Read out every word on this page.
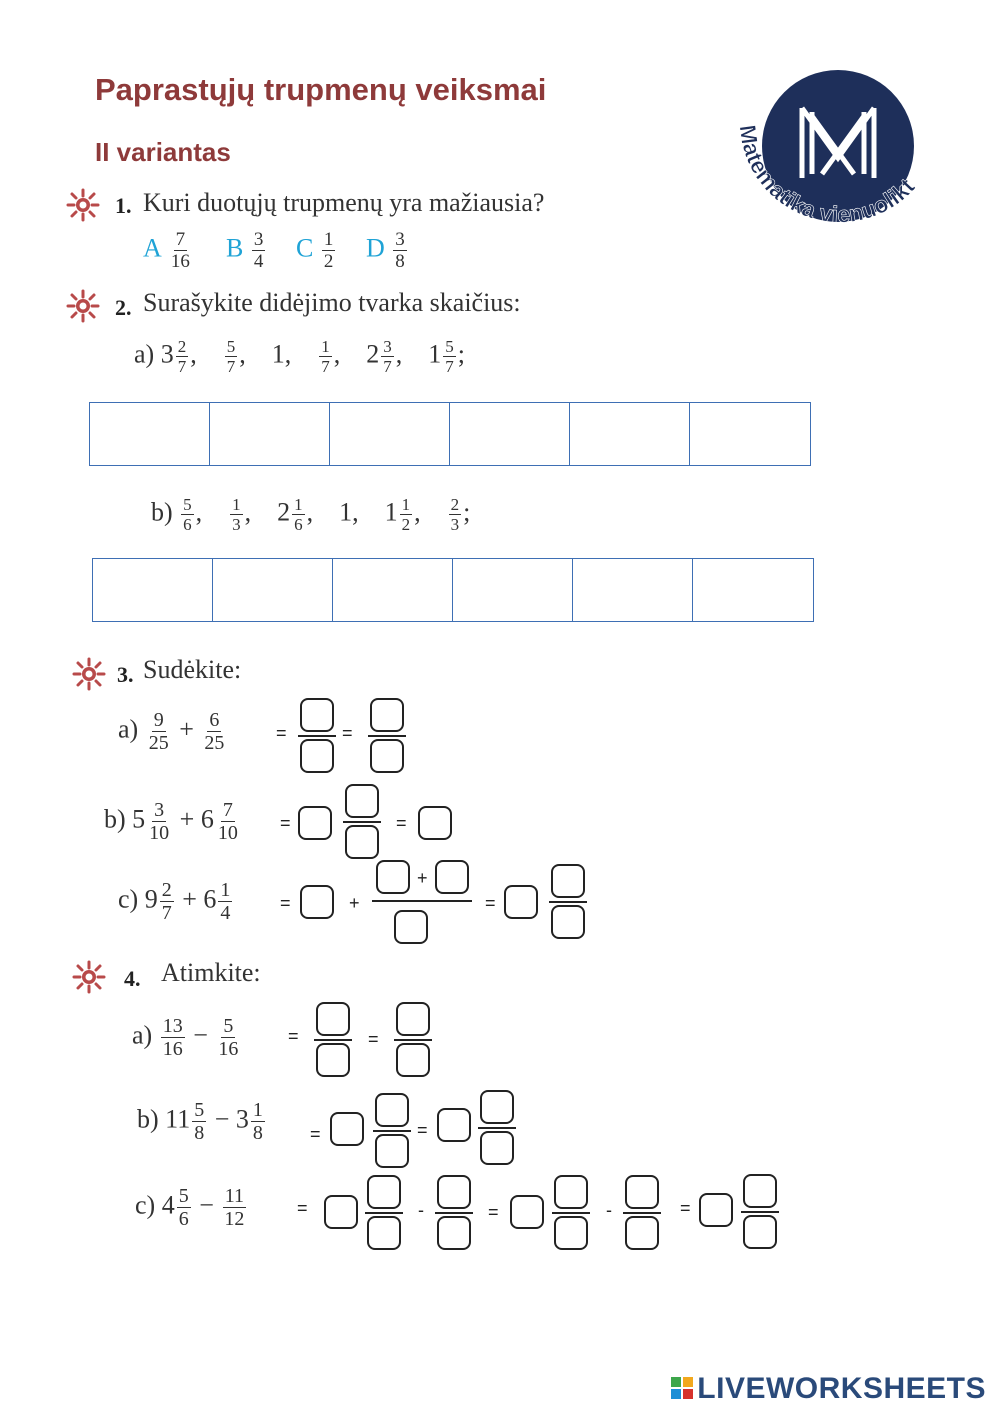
Paprastųjų trupmenų veiksmai
II variantas
Matematika vienuolikt
1. Kuri duotųjų trupmenų yra mažiausia?
A $\frac{7}{16}$ B $\frac{3}{4}$ C $\frac{1}{2}$ D $\frac{3}{8}$
2. Surašykite didėjimo tvarka skaičius:
a) $3 \frac{2}{7}$ , $\frac{5}{7}$ ,    1, $\frac{1}{7}$ ,    $2 \frac{3}{7}$ ,    $1 \frac{5}{7}$ ;
$b) \frac{5}{6}$ , $\frac{1}{3}$ ,    $2 \frac{1}{6}$ ,    1,    $1 \frac{1}{2}$ , $\frac{2}{3}$ ;
3. Sudėkite:
$a) \frac{9}{25} + \frac{6}{25}$	=	=
b) $5 \frac{3}{10} + 6 \frac{7}{10}$ =	=
c) $9 \frac{2}{7} + 6 \frac{1}{4}$	=	+
+
=
4. Atimkite:
$a) \frac{13}{16} - \frac{5}{16}$	=	=
b) $11 \frac{5}{8} - 3 \frac{1}{8}$	=	=
c) $4 \frac{5}{6} - \frac{11}{12}$	=	-	=	-	=
LIVEWORKSHEETS
